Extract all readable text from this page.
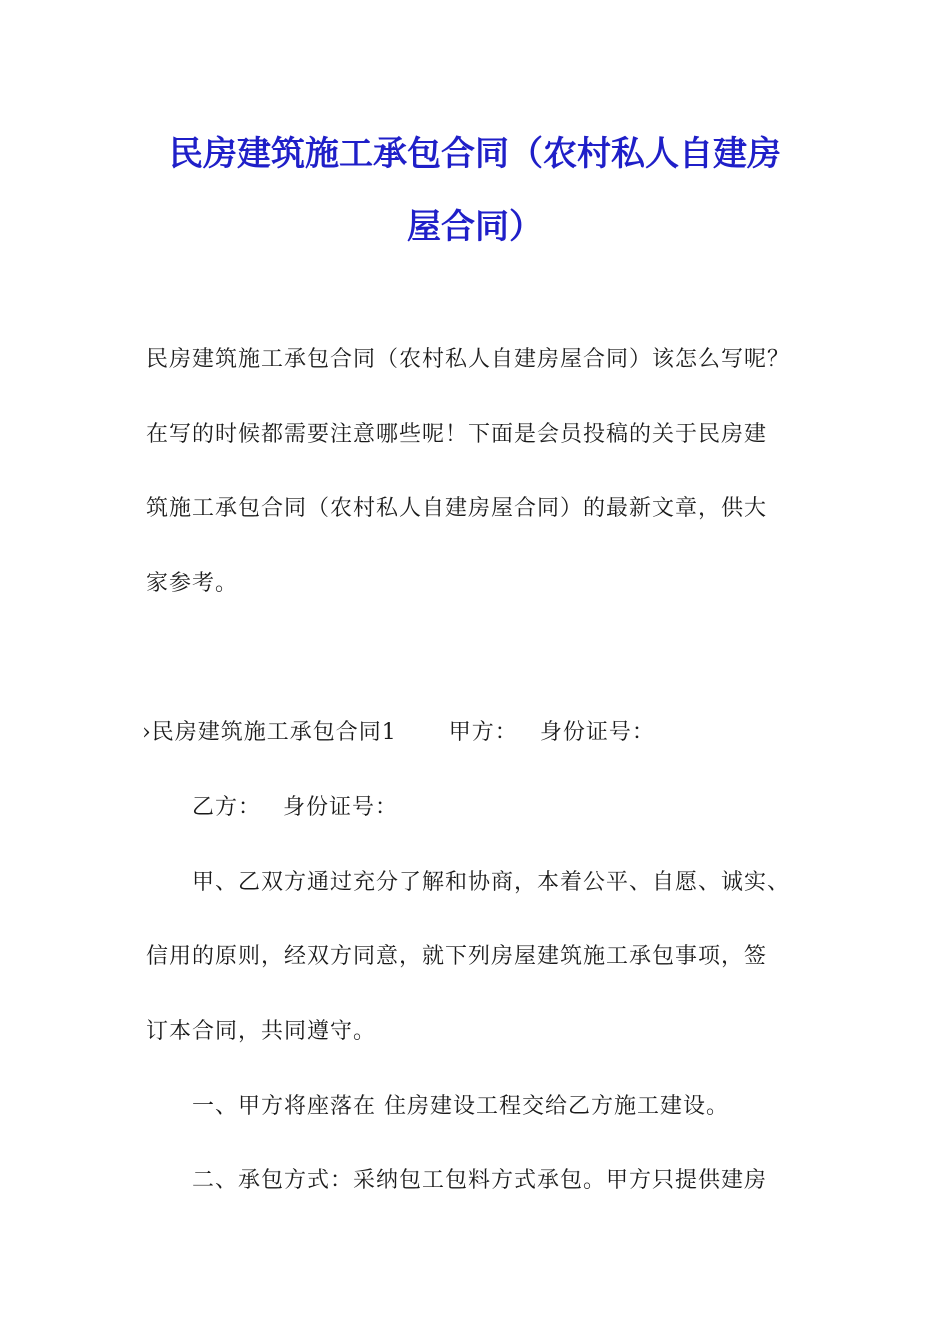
民房建筑施工承包合同（农村私人自建房
屋合同）
民房建筑施工承包合同（农村私人自建房屋合同）该怎么写呢？
在写的时候都需要注意哪些呢！下面是会员投稿的关于民房建
筑施工承包合同（农村私人自建房屋合同）的最新文章，供大
家参考。
›民房建筑施工承包合同1 甲方： 身份证号：
乙方： 身份证号：
甲、乙双方通过充分了解和协商，本着公平、自愿、诚实、
信用的原则，经双方同意，就下列房屋建筑施工承包事项，签
订本合同，共同遵守。
一、甲方将座落在 住房建设工程交给乙方施工建设。
二、承包方式：采纳包工包料方式承包。甲方只提供建房
